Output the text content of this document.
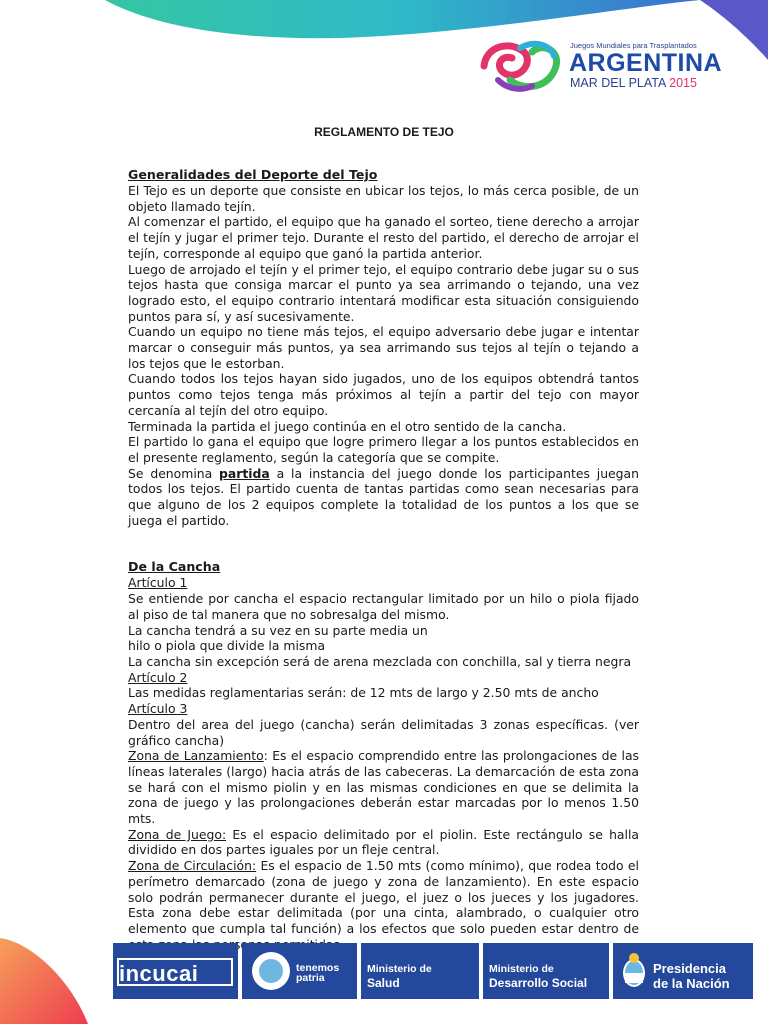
Juegos Mundiales para Trasplantados
ARGENTINA
MAR DEL PLATA 2015
REGLAMENTO DE TEJO

Generalidades del Deporte del Tejo

El Tejo es un deporte que consiste en ubicar los tejos, lo más cerca posible, de un objeto llamado tejín.

Al comenzar el partido, el equipo que ha ganado el sorteo, tiene derecho a arrojar el tejín y jugar el primer tejo. Durante el resto del partido, el derecho de arrojar el tejín, corresponde al equipo que ganó la partida anterior.

Luego de arrojado el tejín y el primer tejo, el equipo contrario debe jugar su o sus tejos hasta que consiga marcar el punto ya sea arrimando o tejando, una vez logrado esto, el equipo contrario intentará modificar esta situación consiguiendo puntos para sí, y así sucesivamente.

Cuando un equipo no tiene más tejos, el equipo adversario debe jugar e intentar marcar o conseguir más puntos, ya sea arrimando sus tejos al tejín o tejando a los tejos que le estorban.

Cuando todos los tejos hayan sido jugados, uno de los equipos obtendrá tantos puntos como tejos tenga más próximos al tejín a partir del tejo con mayor cercanía al tejín del otro equipo.

Terminada la partida el juego continúa en el otro sentido de la cancha.

El partido lo gana el equipo que logre primero llegar a los puntos establecidos en el presente reglamento, según la categoría que se compite.

Se denomina partida a la instancia del juego donde los participantes juegan todos los tejos. El partido cuenta de tantas partidas como sean necesarias para que alguno de los 2 equipos complete la totalidad de los puntos a los que se juega el partido.

De la Cancha

Artículo 1

Se entiende por cancha el espacio rectangular limitado por un hilo o piola fijado al piso de tal manera que no sobresalga del mismo.

La cancha tendrá a su vez en su parte media un

hilo o piola que divide la misma

La cancha sin excepción será de arena mezclada con conchilla, sal y tierra negra

Artículo 2

Las medidas reglamentarias serán: de 12 mts de largo y 2.50 mts de ancho

Artículo 3

Dentro del area del juego (cancha) serán delimitadas 3 zonas específicas. (ver gráfico cancha)

Zona de Lanzamiento: Es el espacio comprendido entre las prolongaciones de las líneas laterales (largo) hacia atrás de las cabeceras. La demarcación de esta zona se hará con el mismo piolin y en las mismas condiciones en que se delimita la zona de juego y las prolongaciones deberán estar marcadas por lo menos 1.50 mts.

Zona de Juego: Es el espacio delimitado por el piolin. Este rectángulo se halla dividido en dos partes iguales por un fleje central.

Zona de Circulación: Es el espacio de 1.50 mts (como mínimo), que rodea todo el perímetro demarcado (zona de juego y zona de lanzamiento). En este espacio solo podrán permanecer durante el juego, el juez o los jueces y los jugadores. Esta zona debe estar delimitada (por una cinta, alambrado, o cualquier otro elemento que cumpla tal función) a los efectos que solo pueden estar dentro de

incucai	tenemos
patria
Ministerio de
Salud
Ministerio de
Desarrollo Social
Presidencia
de la Nación
